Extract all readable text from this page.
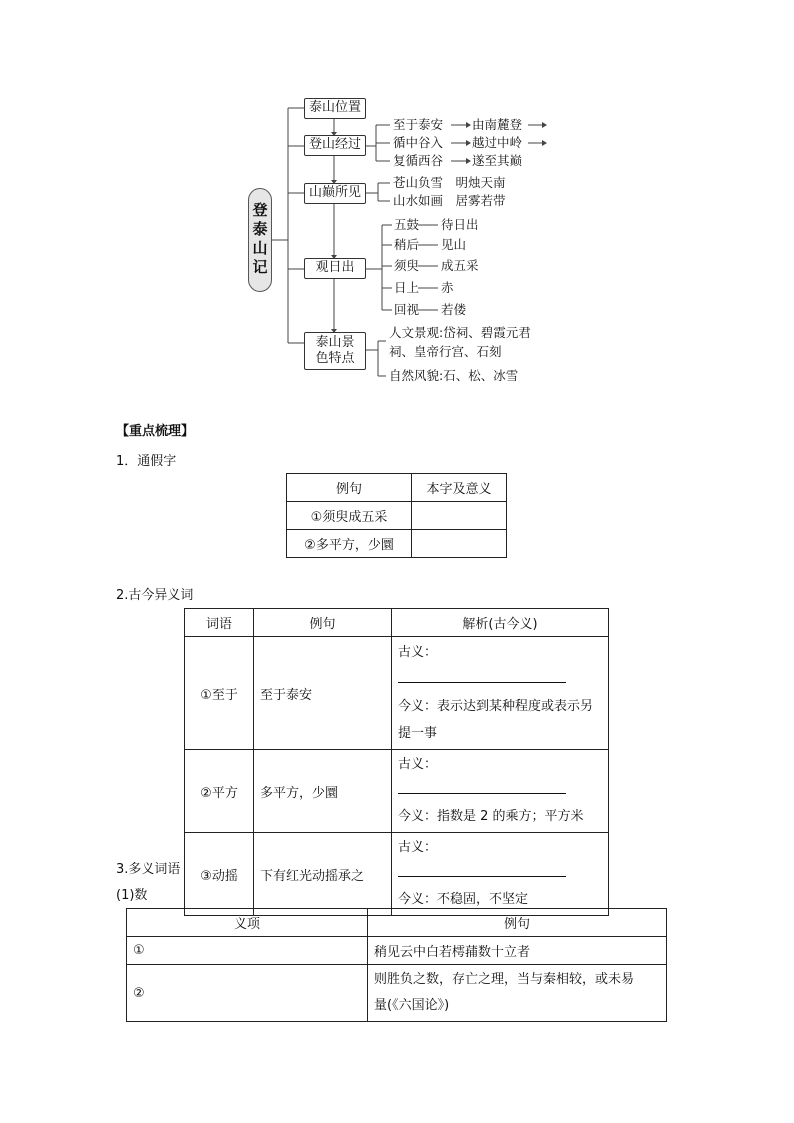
登泰山记
泰山位置
登山经过
山巅所见
观日出
泰山景
色特点
至于泰安 由南麓登
循中谷入 越过中岭
复循西谷 遂至其巅
苍山负雪　明烛天南
山水如画　居雾若带
五鼓 待日出
稍后 见山
须臾 成五采
日上 赤
回视 若偻
人文景观:岱祠、碧霞元君
祠、皇帝行宫、石刻
自然风貌:石、松、冰雪
【重点梳理】
1．通假字
例句	本字及意义
①须臾成五采	
②多平方，少圜	
2.古今异义词
词语	例句	解析(古今义)
①至于	至于泰安	古义：
今义：表示达到某种程度或表示另
提一事

②平方	多平方，少圜	古义：
今义：指数是 2 的乘方；平方米

③动摇	下有红光动摇承之	古义：
今义：不稳固，不坚定
3.多义词语
(1)数
义项	例句
①	稍见云中白若樗蒱数十立者
②	则胜负之数，存亡之理，当与秦相较，或未易
量(《六国论》)
